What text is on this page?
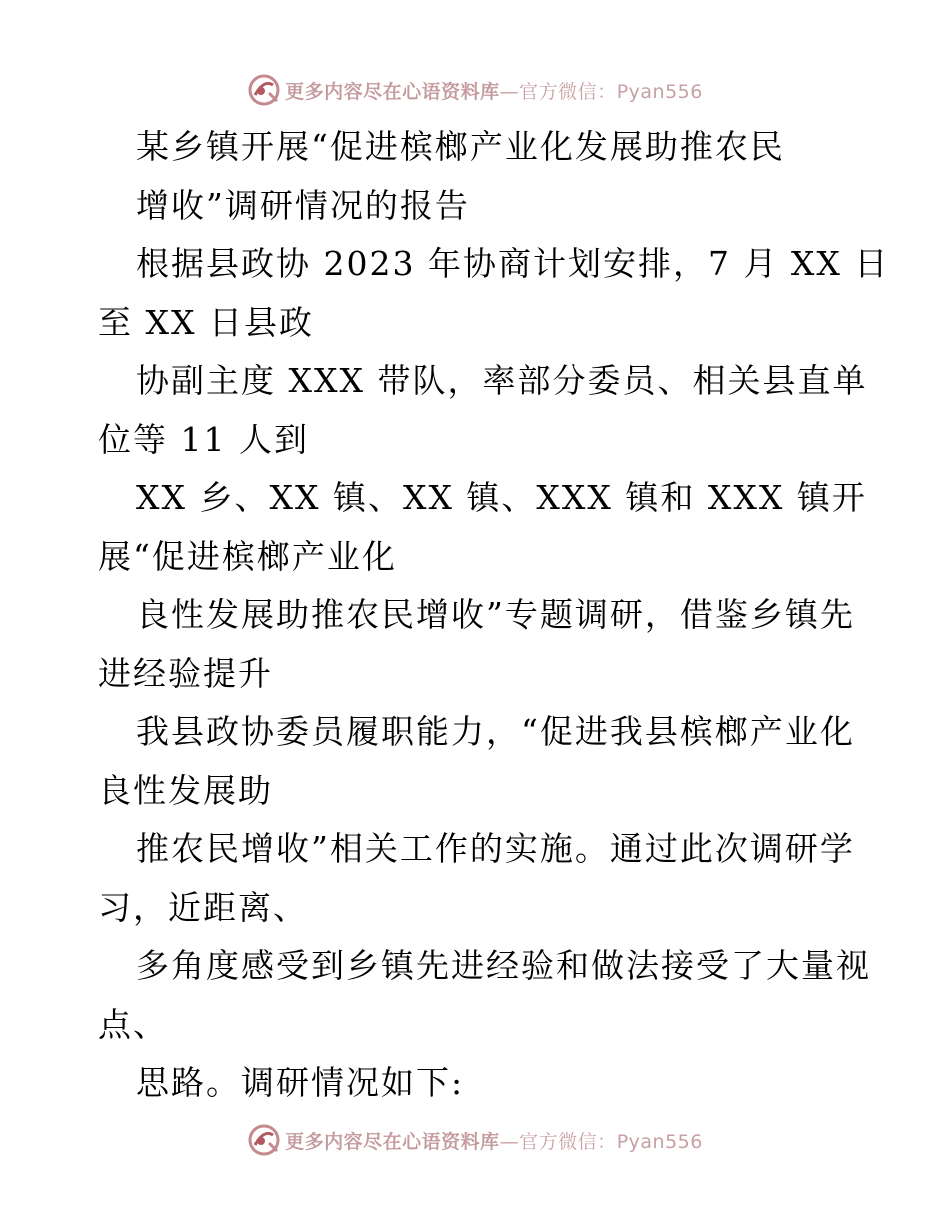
更多内容尽在心语资料库—官方微信：Pyan556
某乡镇开展“促进槟榔产业化发展助推农民
增收”调研情况的报告
根据县政协 2023 年协商计划安排，7 月 XX 日
至 XX 日县政
协副主度 XXX 带队，率部分委员、相关县直单
位等 11 人到
XX 乡、XX 镇、XX 镇、XXX 镇和 XXX 镇开
展“促进槟榔产业化
良性发展助推农民增收”专题调研，借鉴乡镇先
进经验提升
我县政协委员履职能力，“促进我县槟榔产业化
良性发展助
推农民增收”相关工作的实施。通过此次调研学
习，近距离、
多角度感受到乡镇先进经验和做法接受了大量视
点、
思路。调研情况如下:
更多内容尽在心语资料库—官方微信：Pyan556
